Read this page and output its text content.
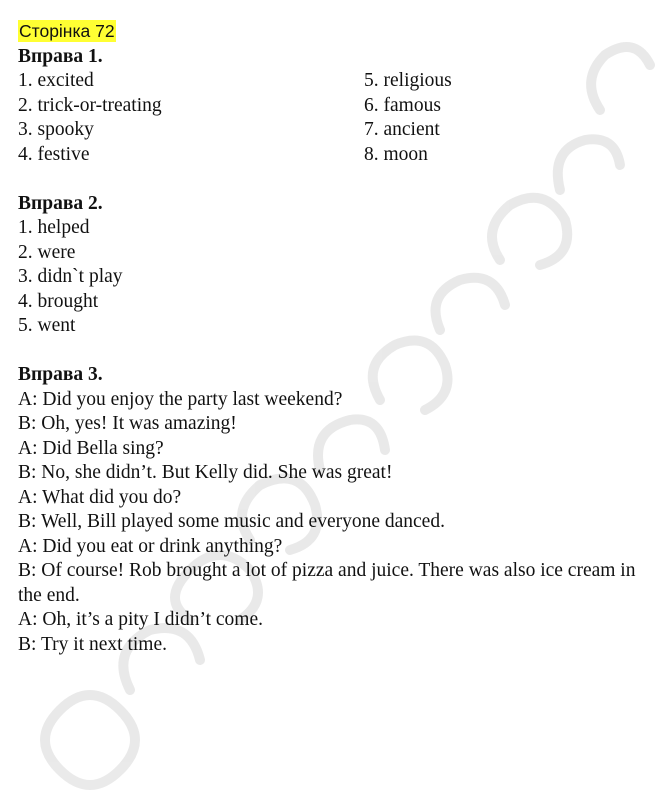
Сторінка 72
Вправа 1.
1. excited
2. trick-or-treating
3. spooky
4. festive
5. religious
6. famous
7. ancient
8. moon
Вправа 2.
1. helped
2. were
3. didn`t play
4. brought
5. went
Вправа 3.
A: Did you enjoy the party last weekend?
B: Oh, yes! It was amazing!
A: Did Bella sing?
B: No, she didn’t. But Kelly did. She was great!
A: What did you do?
B: Well, Bill played some music and everyone danced.
A: Did you eat or drink anything?
B: Of course! Rob brought a lot of pizza and juice. There was also ice cream in the end.
A: Oh, it’s a pity I didn’t come.
B: Try it next time.
